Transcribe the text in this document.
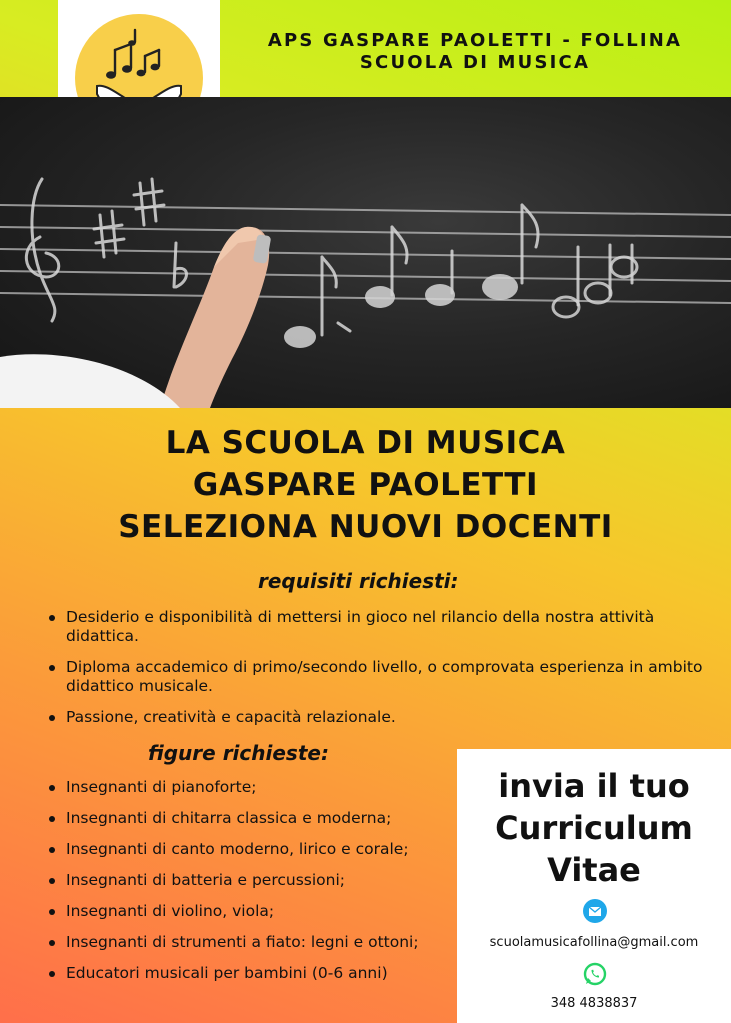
APS GASPARE PAOLETTI - FOLLINA
SCUOLA DI MUSICA
LA SCUOLA DI MUSICA
GASPARE PAOLETTI
SELEZIONA NUOVI DOCENTI
requisiti richiesti:
Desiderio e disponibilità di mettersi in gioco nel rilancio della nostra attività didattica.
Diploma accademico di primo/secondo livello, o comprovata esperienza in ambito didattico musicale.
Passione, creatività e capacità relazionale.
figure richieste:
Insegnanti di pianoforte;
Insegnanti di chitarra classica e moderna;
Insegnanti di canto moderno, lirico e corale;
Insegnanti di batteria e percussioni;
Insegnanti di violino, viola;
Insegnanti di strumenti a fiato: legni e ottoni;
Educatori musicali per bambini (0-6 anni)
invia il tuo
Curriculum
Vitae
scuolamusicafollina@gmail.com
348 4838837
